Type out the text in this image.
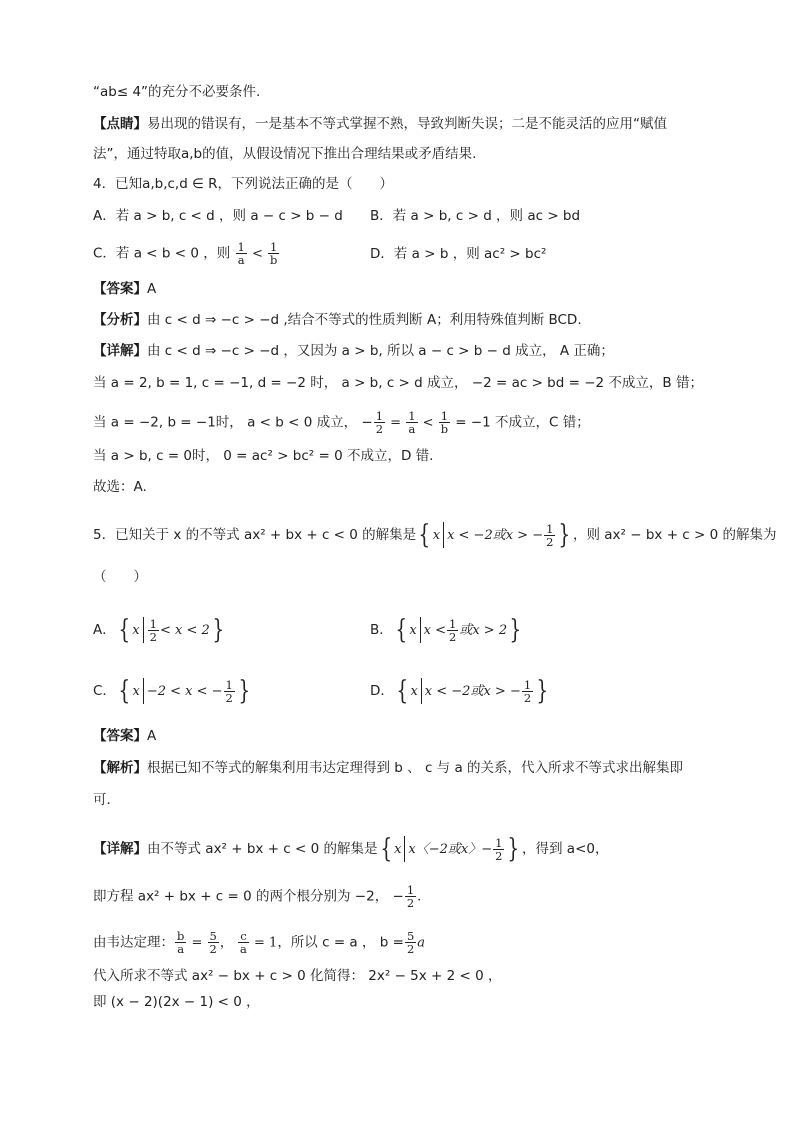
“ab≤ 4”的充分不必要条件.
【点睛】易出现的错误有，一是基本不等式掌握不熟，导致判断失误；二是不能灵活的应用“赋值
法”，通过特取a,b的值，从假设情况下推出合理结果或矛盾结果.
4．已知a,b,c,d ∈ R，下列说法正确的是（　　）
A．若 a > b, c < d ，则 a − c > b − d B．若 a > b, c > d ，则 ac > bd
C．若 a < b < 0 ，则 $\frac{1}{a} < \frac{1}{b}$	D．若 a > b ，则 ac² > bc²
【答案】A
【分析】由 c < d ⇒ −c > −d ,结合不等式的性质判断 A；利用特殊值判断 BCD.
【详解】由 c < d ⇒ −c > −d ，又因为 a > b, 所以 a − c > b − d 成立， A 正确；
当 a = 2, b = 1, c = −1, d = −2 时， a > b, c > d 成立， −2 = ac > bd = −2 不成立，B 错；
当 a = −2, b = −1时， a < b < 0 成立， − $\frac{1}{2} = \frac{1}{a} < \frac{1}{b} = -1$ 不成立，C 错；
当 a > b, c = 0时， 0 = ac² > bc² = 0 不成立，D 错.
故选：A.
5．已知关于 x 的不等式 ax² + bx + c < 0 的解集是{ x x < −2或x > − $\frac{1}{2}$ } ，则 ax² − bx + c > 0 的解集为
（　　）
A．{ x $\frac{1}{2} < x < 2$}	B．{ x $x < \frac{1}{2}$ 或x > 2}
C．{ x −2 < x < − $\frac{1}{2}$ }	D．{ x x < −2或x > − $\frac{1}{2}$ }
【答案】A
【解析】根据已知不等式的解集利用韦达定理得到 b 、 c 与 a 的关系，代入所求不等式求出解集即
可．
【详解】由不等式 ax² + bx + c < 0 的解集是{ x x〈−2或x〉− $\frac{1}{2}$ } ，得到 a<0，
即方程 ax² + bx + c = 0 的两个根分别为 −2， − $\frac{1}{2}$ .
由韦达定理： $\frac{b}{a} = \frac{5}{2}$ ， $\frac{c}{a} = 1$，所以 c = a ， $b = \frac{5}{2}$ a
代入所求不等式 ax² − bx + c > 0 化简得： 2x² − 5x + 2 < 0 ，
即 (x − 2)(2x − 1) < 0 ，
